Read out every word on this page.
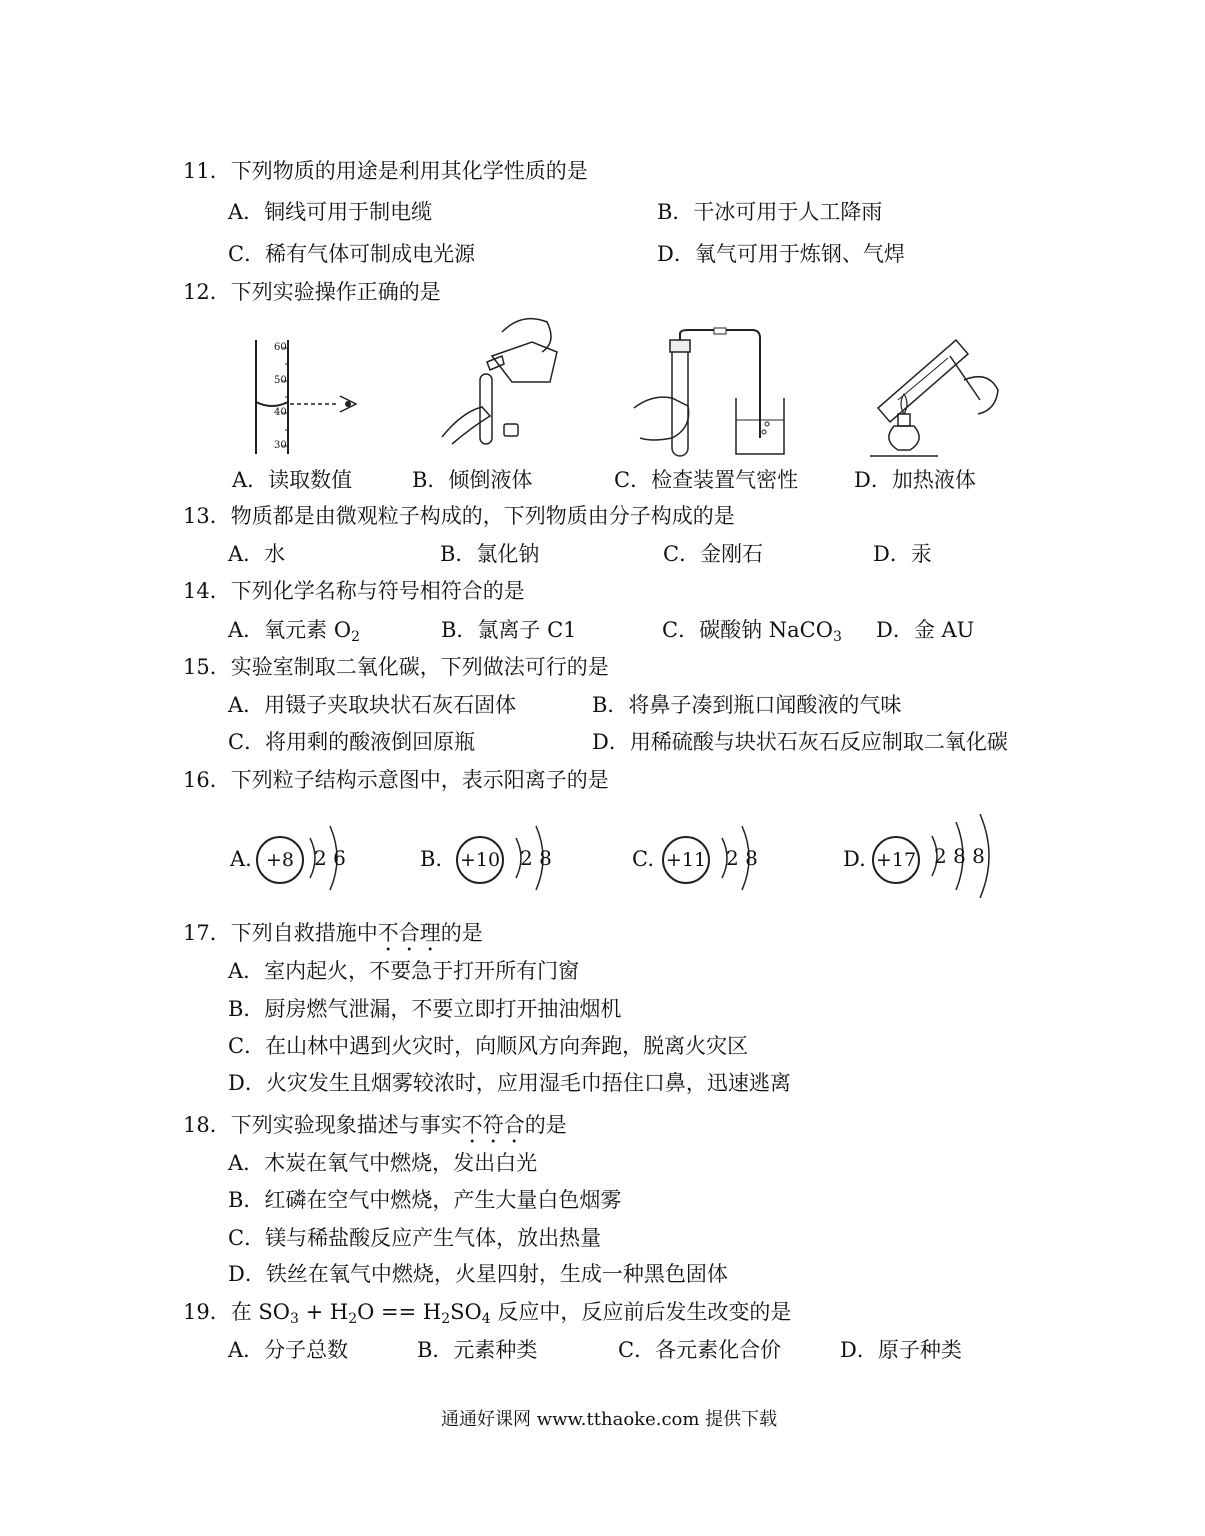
11．下列物质的用途是利用其化学性质的是
A．铜线可用于制电缆	B．干冰可用于人工降雨
C．稀有气体可制成电光源	D．氧气可用于炼钢、气焊
12．下列实验操作正确的是
60
50
40
30
A．读取数值	B．倾倒液体	C．检查装置气密性	D．加热液体
13．物质都是由微观粒子构成的，下列物质由分子构成的是
A．水	B．氯化钠	C．金刚石	D．汞
14．下列化学名称与符号相符合的是
A．氧元素 $O_2$	B．氯离子 C1	C．碳酸钠 NaCO$_3$ D．金 AU
15．实验室制取二氧化碳，下列做法可行的是
A．用镊子夹取块状石灰石固体	B．将鼻子凑到瓶口闻酸液的气味
C．将用剩的酸液倒回原瓶	D．用稀硫酸与块状石灰石反应制取二氧化碳
16．下列粒子结构示意图中，表示阳离子的是
A. +8	2 6	B. +10 2 8	C. +11 2 8	D. +17 2 8 8
17．下列自救措施中不合理的是
A．室内起火，不要急于打开所有门窗
B．厨房燃气泄漏，不要立即打开抽油烟机
C．在山林中遇到火灾时，向顺风方向奔跑，脱离火灾区
D．火灾发生且烟雾较浓时，应用湿毛巾捂住口鼻，迅速逃离
18．下列实验现象描述与事实不符合的是
A．木炭在氧气中燃烧，发出白光
B．红磷在空气中燃烧，产生大量白色烟雾
C．镁与稀盐酸反应产生气体，放出热量
D．铁丝在氧气中燃烧，火星四射，生成一种黑色固体
19．在 $SO_3 + H_2O == H_2SO_4$ 反应中，反应前后发生改变的是
A．分子总数	B．元素种类	C．各元素化合价	D．原子种类
通通好课网 www.tthaoke.com 提供下载
